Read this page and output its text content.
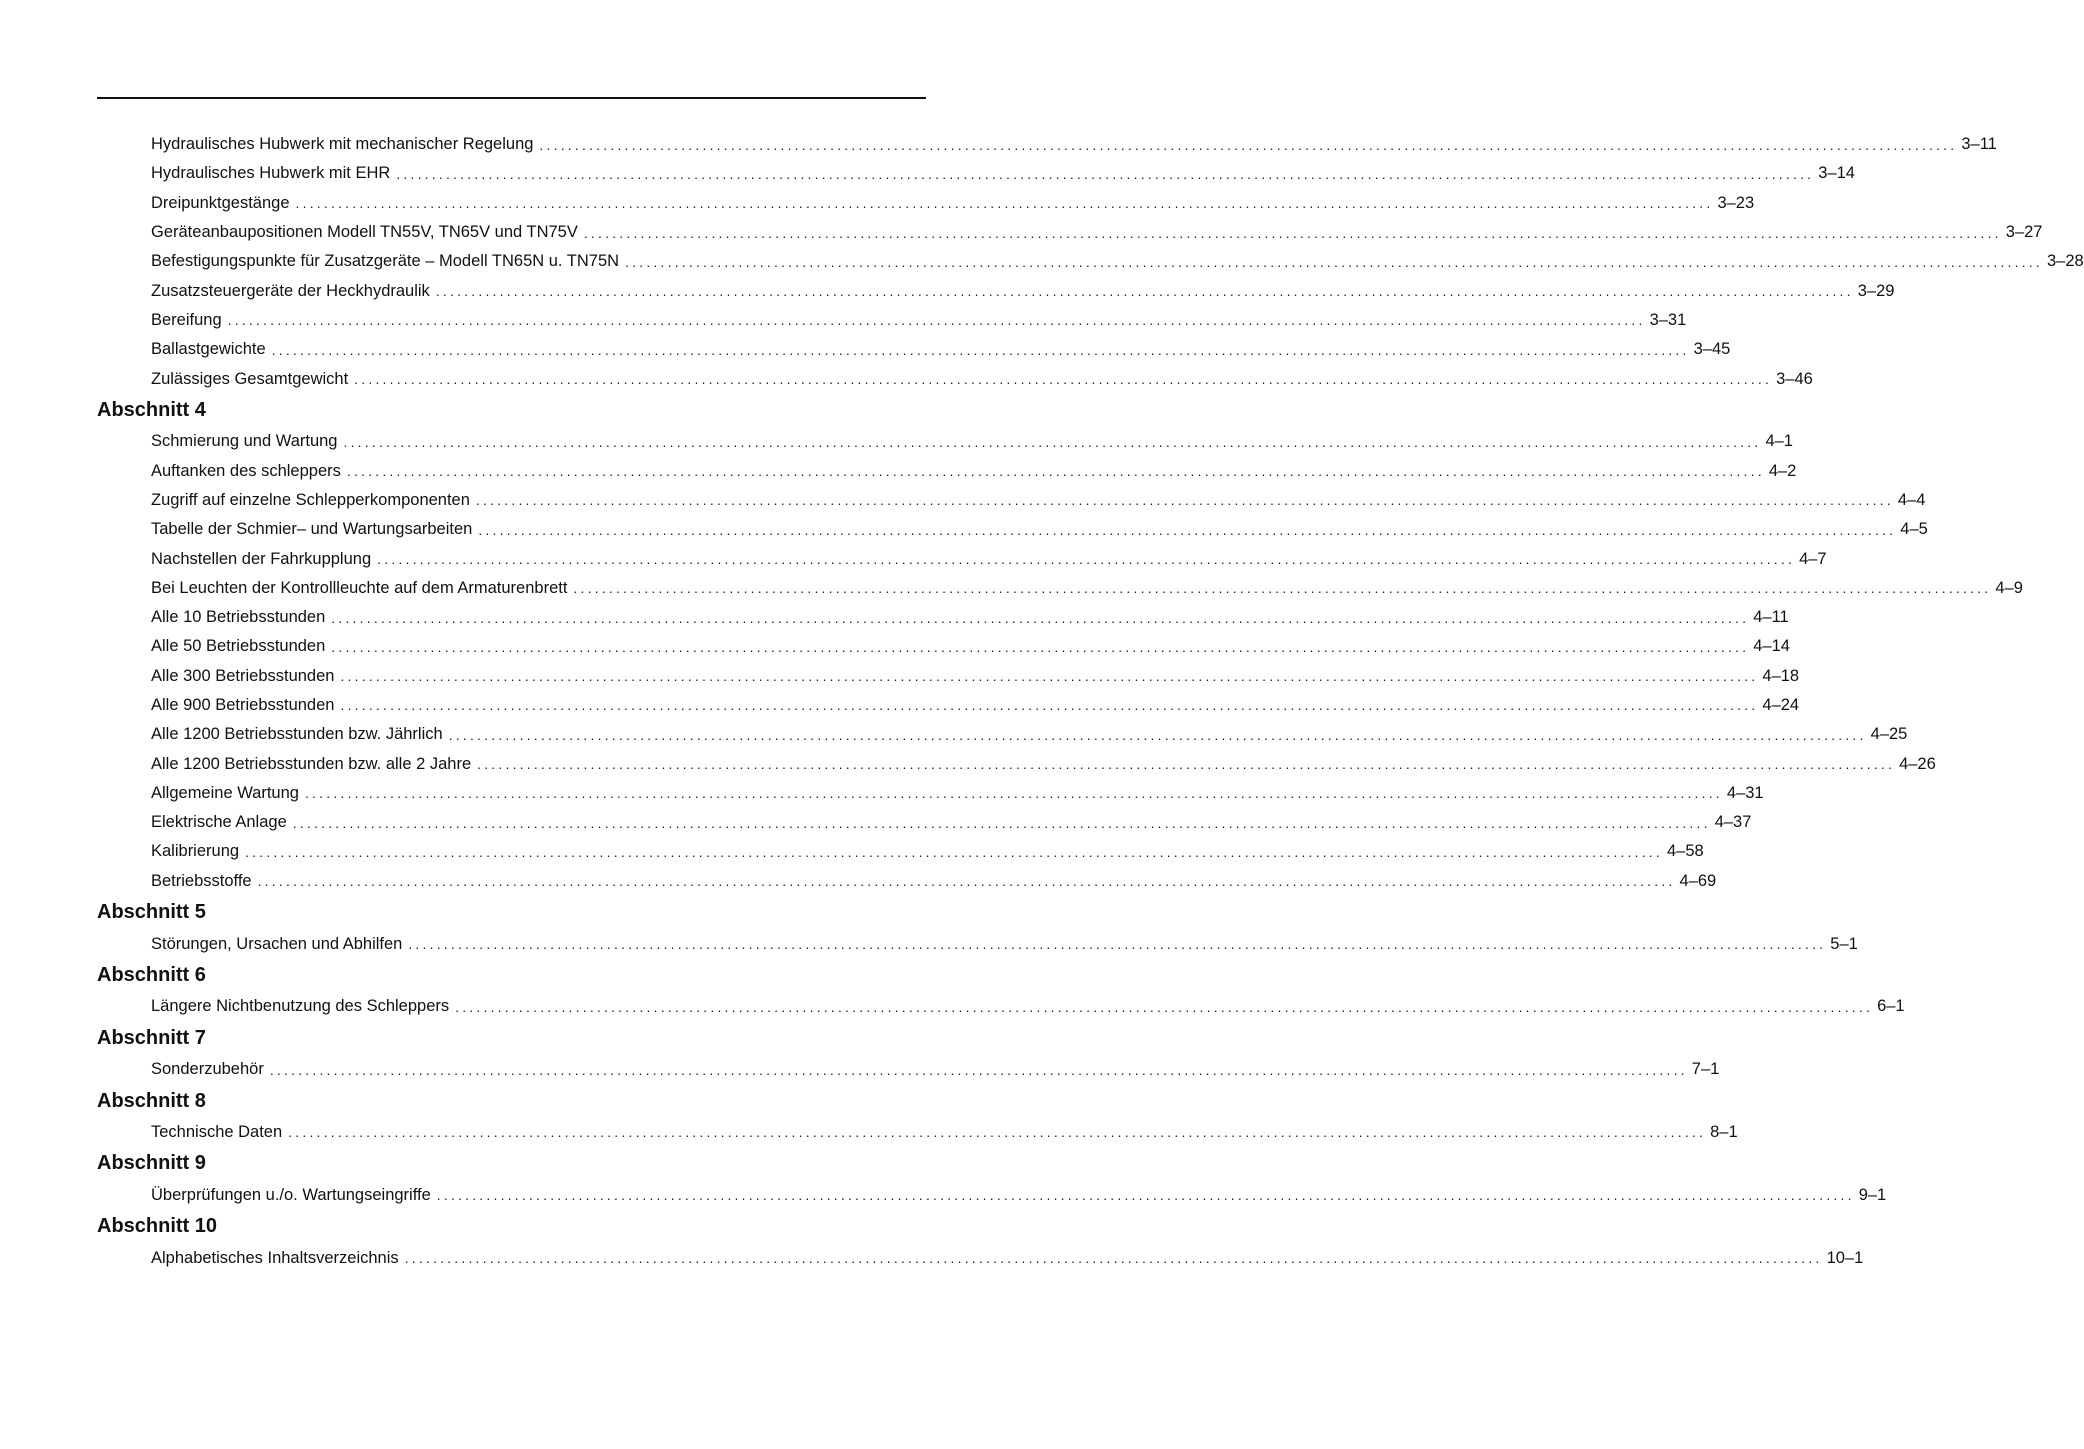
Hydraulisches Hubwerk mit mechanischer Regelung ........................................................................................................................................................................................................ 3–11
Hydraulisches Hubwerk mit EHR ........................................................................................................................................................................................................ 3–14
Dreipunktgestänge ........................................................................................................................................................................................................ 3–23
Geräteanbaupositionen Modell TN55V, TN65V und TN75V ........................................................................................................................................................................................................ 3–27
Befestigungspunkte für Zusatzgeräte – Modell TN65N u. TN75N ........................................................................................................................................................................................................ 3–28
Zusatzsteuergeräte der Heckhydraulik ........................................................................................................................................................................................................ 3–29
Bereifung ........................................................................................................................................................................................................ 3–31
Ballastgewichte ........................................................................................................................................................................................................ 3–45
Zulässiges Gesamtgewicht ........................................................................................................................................................................................................ 3–46
Abschnitt 4
Schmierung und Wartung ........................................................................................................................................................................................................ 4–1
Auftanken des schleppers ........................................................................................................................................................................................................ 4–2
Zugriff auf einzelne Schlepperkomponenten ........................................................................................................................................................................................................ 4–4
Tabelle der Schmier– und Wartungsarbeiten ........................................................................................................................................................................................................ 4–5
Nachstellen der Fahrkupplung ........................................................................................................................................................................................................ 4–7
Bei Leuchten der Kontrollleuchte auf dem Armaturenbrett ........................................................................................................................................................................................................ 4–9
Alle 10 Betriebsstunden ........................................................................................................................................................................................................ 4–11
Alle 50 Betriebsstunden ........................................................................................................................................................................................................ 4–14
Alle 300 Betriebsstunden ........................................................................................................................................................................................................ 4–18
Alle 900 Betriebsstunden ........................................................................................................................................................................................................ 4–24
Alle 1200 Betriebsstunden bzw. Jährlich ........................................................................................................................................................................................................ 4–25
Alle 1200 Betriebsstunden bzw. alle 2 Jahre ........................................................................................................................................................................................................ 4–26
Allgemeine Wartung ........................................................................................................................................................................................................ 4–31
Elektrische Anlage ........................................................................................................................................................................................................ 4–37
Kalibrierung ........................................................................................................................................................................................................ 4–58
Betriebsstoffe ........................................................................................................................................................................................................ 4–69
Abschnitt 5
Störungen, Ursachen und Abhilfen ........................................................................................................................................................................................................ 5–1
Abschnitt 6
Längere Nichtbenutzung des Schleppers ........................................................................................................................................................................................................ 6–1
Abschnitt 7
Sonderzubehör ........................................................................................................................................................................................................ 7–1
Abschnitt 8
Technische Daten ........................................................................................................................................................................................................ 8–1
Abschnitt 9
Überprüfungen u./o. Wartungseingriffe ........................................................................................................................................................................................................ 9–1
Abschnitt 10
Alphabetisches Inhaltsverzeichnis ........................................................................................................................................................................................................ 10–1
